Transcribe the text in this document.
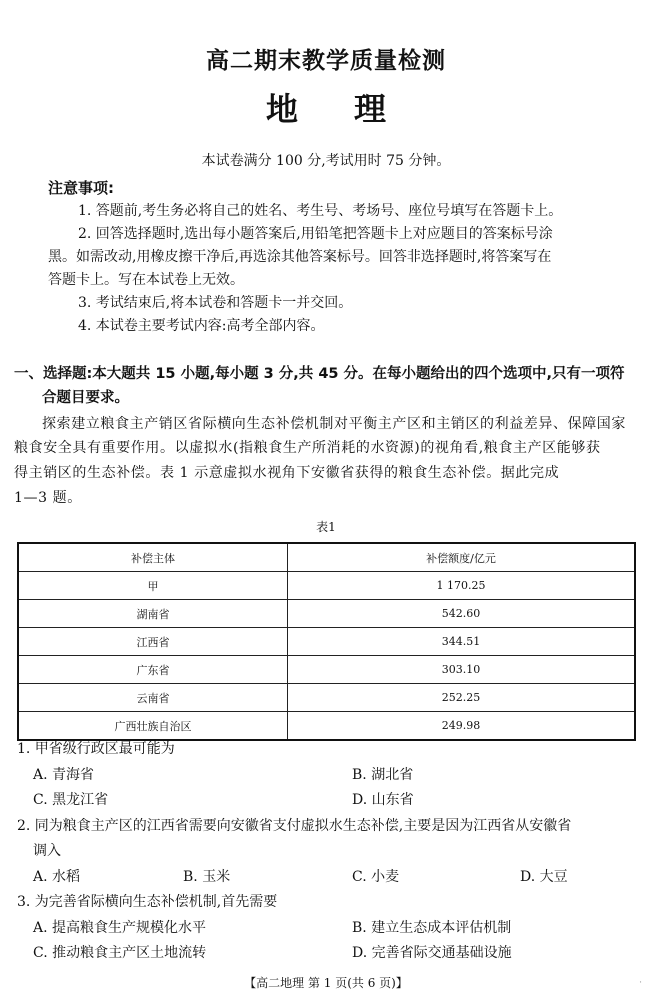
高二期末教学质量检测
地 理
本试卷满分 100 分,考试用时 75 分钟。
注意事项:
1. 答题前,考生务必将自己的姓名、考生号、考场号、座位号填写在答题卡上。
2. 回答选择题时,选出每小题答案后,用铅笔把答题卡上对应题目的答案标号涂
黑。如需改动,用橡皮擦干净后,再选涂其他答案标号。回答非选择题时,将答案写在
答题卡上。写在本试卷上无效。
3. 考试结束后,将本试卷和答题卡一并交回。
4. 本试卷主要考试内容:高考全部内容。
一、选择题:本大题共 15 小题,每小题 3 分,共 45 分。在每小题给出的四个选项中,只有一项符
合题目要求。
探索建立粮食主产销区省际横向生态补偿机制对平衡主产区和主销区的利益差异、保障国家
粮食安全具有重要作用。以虚拟水(指粮食生产所消耗的水资源)的视角看,粮食主产区能够获
得主销区的生态补偿。表 1 示意虚拟水视角下安徽省获得的粮食生态补偿。据此完成
1—3 题。
表1
补偿主体	补偿额度/亿元
甲	1 170.25
湖南省	542.60
江西省	344.51
广东省	303.10
云南省	252.25
广西壮族自治区	249.98
1. 甲省级行政区最可能为
A. 青海省	B. 湖北省
C. 黑龙江省	D. 山东省
2. 同为粮食主产区的江西省需要向安徽省支付虚拟水生态补偿,主要是因为江西省从安徽省
调入
A. 水稻	B. 玉米	C. 小麦	D. 大豆
3. 为完善省际横向生态补偿机制,首先需要
A. 提高粮食生产规模化水平	B. 建立生态成本评估机制
C. 推动粮食主产区土地流转	D. 完善省际交通基础设施
【高二地理 第 1 页(共 6 页)】	·
